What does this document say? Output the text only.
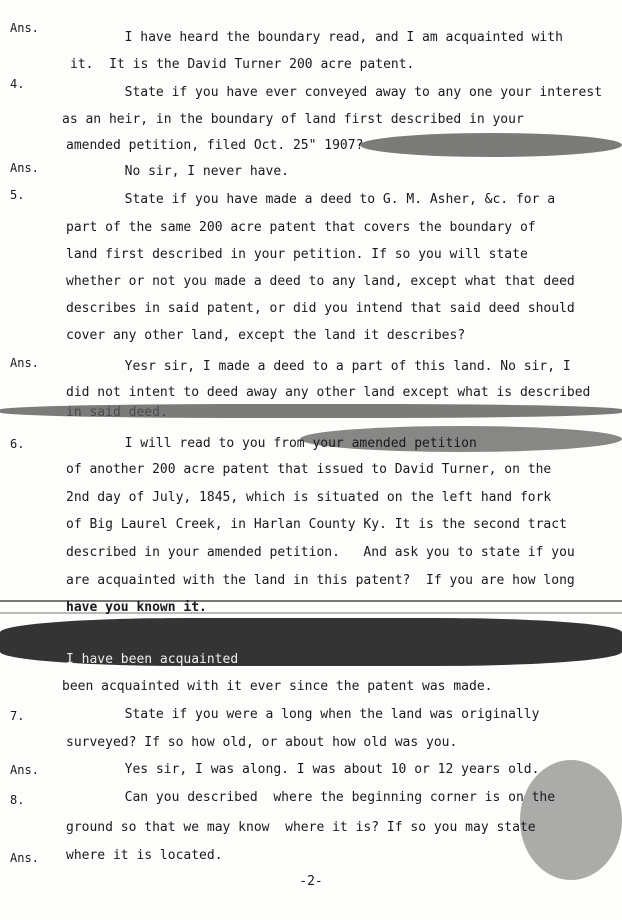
Ans.
I have heard the boundary read, and I am acquainted with
it.  It is the David Turner 200 acre patent.
4.
State if you have ever conveyed away to any one your interest
as an heir, in the boundary of land first described in your
amended petition, filed Oct. 25" 1907?
Ans. No sir, I never have.
5.	State if you have made a deed to G. M. Asher, &c. for a
part of the same 200 acre patent that covers the boundary of
land first described in your petition. If so you will state
whether or not you made a deed to any land, except what that deed
describes in said patent, or did you intend that said deed should
cover any other land, except the land it describes?
Ans. Yesr sir, I made a deed to a part of this land. No sir, I
did not intent to deed away any other land except what is described
in said deed.
6.	I will read to you from your amended petition
of another 200 acre patent that issued to David Turner, on the
2nd day of July, 1845, which is situated on the left hand fork
of Big Laurel Creek, in Harlan County Ky. It is the second tract
described in your amended petition.   And ask you to state if you
are acquainted with the land in this patent?  If you are how long
have you known it.
I have been acquainted
been acquainted with it ever since the patent was made.
7.	State if you were a long when the land was originally
surveyed? If so how old, or about how old was you.
Ans. Yes sir, I was along. I was about 10 or 12 years old.
8.	Can you described  where the beginning corner is on the
ground so that we may know  where it is? If so you may state
Ans. where it is located.
-2-
